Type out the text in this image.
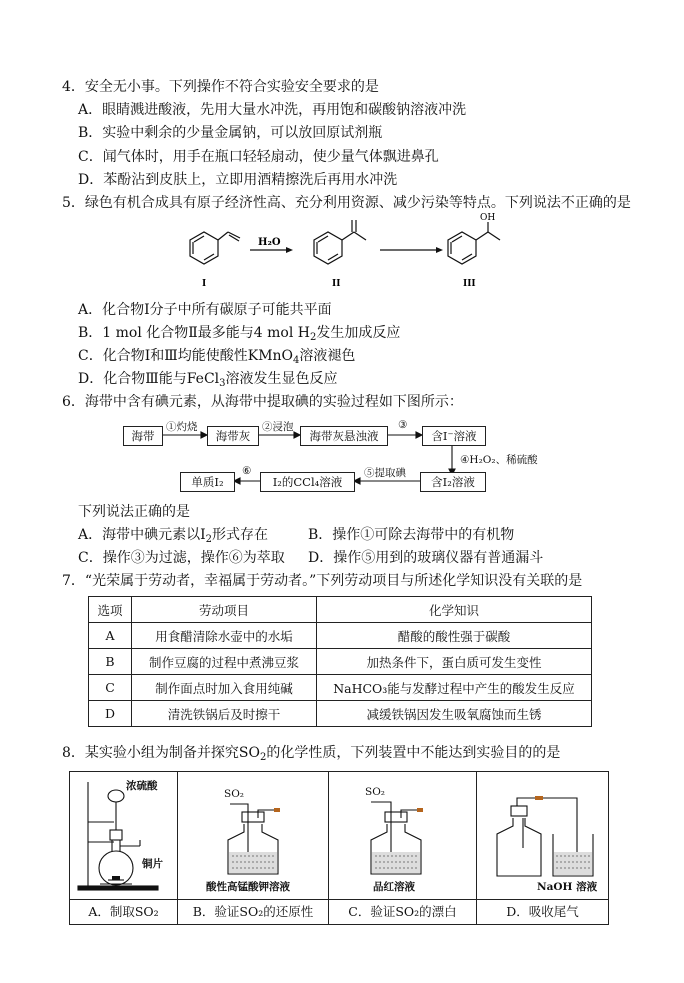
4．安全无小事。下列操作不符合实验安全要求的是
A．眼睛溅进酸液，先用大量水冲洗，再用饱和碳酸钠溶液冲洗
B．实验中剩余的少量金属钠，可以放回原试剂瓶
C．闻气体时，用手在瓶口轻轻扇动，使少量气体飘进鼻孔
D．苯酚沾到皮肤上，立即用酒精擦洗后再用水冲洗
5．绿色有机合成具有原子经济性高、充分利用资源、减少污染等特点。下列说法不正确的是
H₂O
OH
I	II	III
A．化合物Ⅰ分子中所有碳原子可能共平面
B．1 mol 化合物Ⅱ最多能与4 mol $H_2$发生加成反应
C．化合物Ⅰ和Ⅲ均能使酸性KMnO$_4$溶液褪色
D．化合物Ⅲ能与FeCl$_3$溶液发生显色反应
6．海带中含有碘元素，从海带中提取碘的实验过程如下图所示：
海带	海带灰	海带灰悬浊液	含I⁻溶液
含I₂溶液
I₂的CCl₄溶液
单质I₂
①灼烧	②浸泡	③
④H₂O₂、稀硫酸
⑤提取碘
⑥
下列说法正确的是
A．海带中碘元素以$I_2$形式存在	B．操作①可除去海带中的有机物
C．操作③为过滤，操作⑥为萃取 D．操作⑤用到的玻璃仪器有普通漏斗
7．“光荣属于劳动者，幸福属于劳动者。”下列劳动项目与所述化学知识没有关联的是
选项	劳动项目	化学知识
A	用食醋清除水壶中的水垢	醋酸的酸性强于碳酸
B	制作豆腐的过程中煮沸豆浆	加热条件下，蛋白质可发生变性
C	制作面点时加入食用纯碱	NaHCO₃能与发酵过程中产生的酸发生反应
D	清洗铁锅后及时擦干	减缓铁锅因发生吸氧腐蚀而生锈
8．某实验小组为制备并探究$SO_2$的化学性质，下列装置中不能达到实验目的的是
浓硫酸
铜片
A．制取SO₂
SO₂
酸性高锰酸钾溶液
B．验证SO₂的还原性
SO₂
品红溶液
C．验证SO₂的漂白
NaOH 溶液
D．吸收尾气
